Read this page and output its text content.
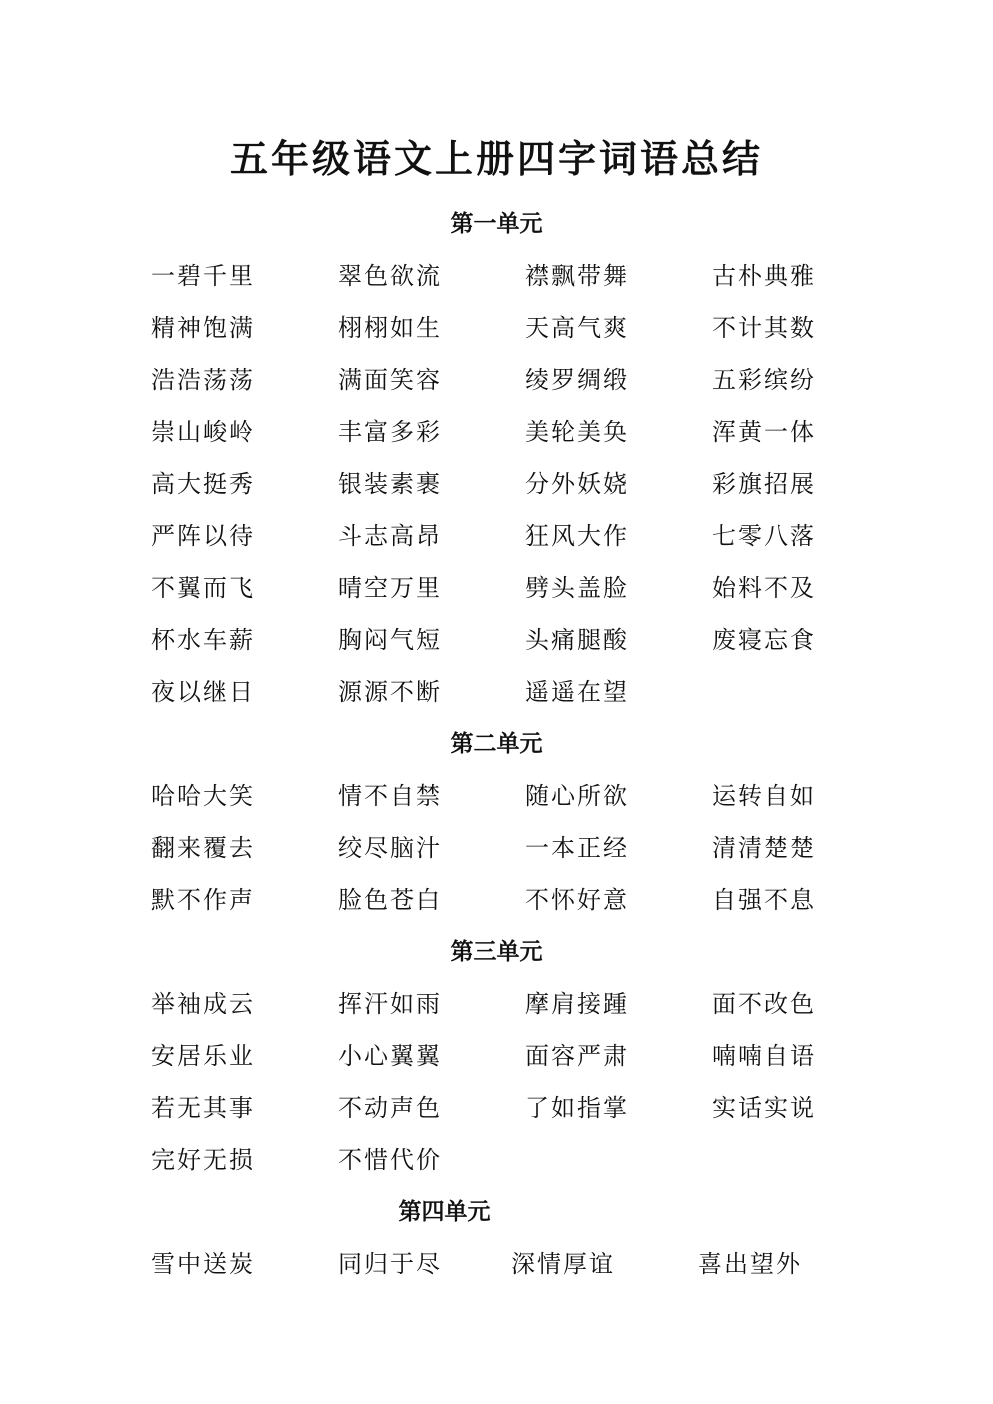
五年级语文上册四字词语总结
第一单元
一碧千里	翠色欲流	襟飘带舞	古朴典雅
精神饱满	栩栩如生	天高气爽	不计其数
浩浩荡荡	满面笑容	绫罗绸缎	五彩缤纷
崇山峻岭	丰富多彩	美轮美奂	浑黄一体
高大挺秀	银装素裹	分外妖娆	彩旗招展
严阵以待	斗志高昂	狂风大作	七零八落
不翼而飞	晴空万里	劈头盖脸	始料不及
杯水车薪	胸闷气短	头痛腿酸	废寝忘食
夜以继日	源源不断	遥遥在望
第二单元
哈哈大笑	情不自禁	随心所欲	运转自如
翻来覆去	绞尽脑汁	一本正经	清清楚楚
默不作声	脸色苍白	不怀好意	自强不息
第三单元
举袖成云	挥汗如雨	摩肩接踵	面不改色
安居乐业	小心翼翼	面容严肃	喃喃自语
若无其事	不动声色	了如指掌	实话实说
完好无损	不惜代价
第四单元
雪中送炭	同归于尽	深情厚谊	喜出望外
